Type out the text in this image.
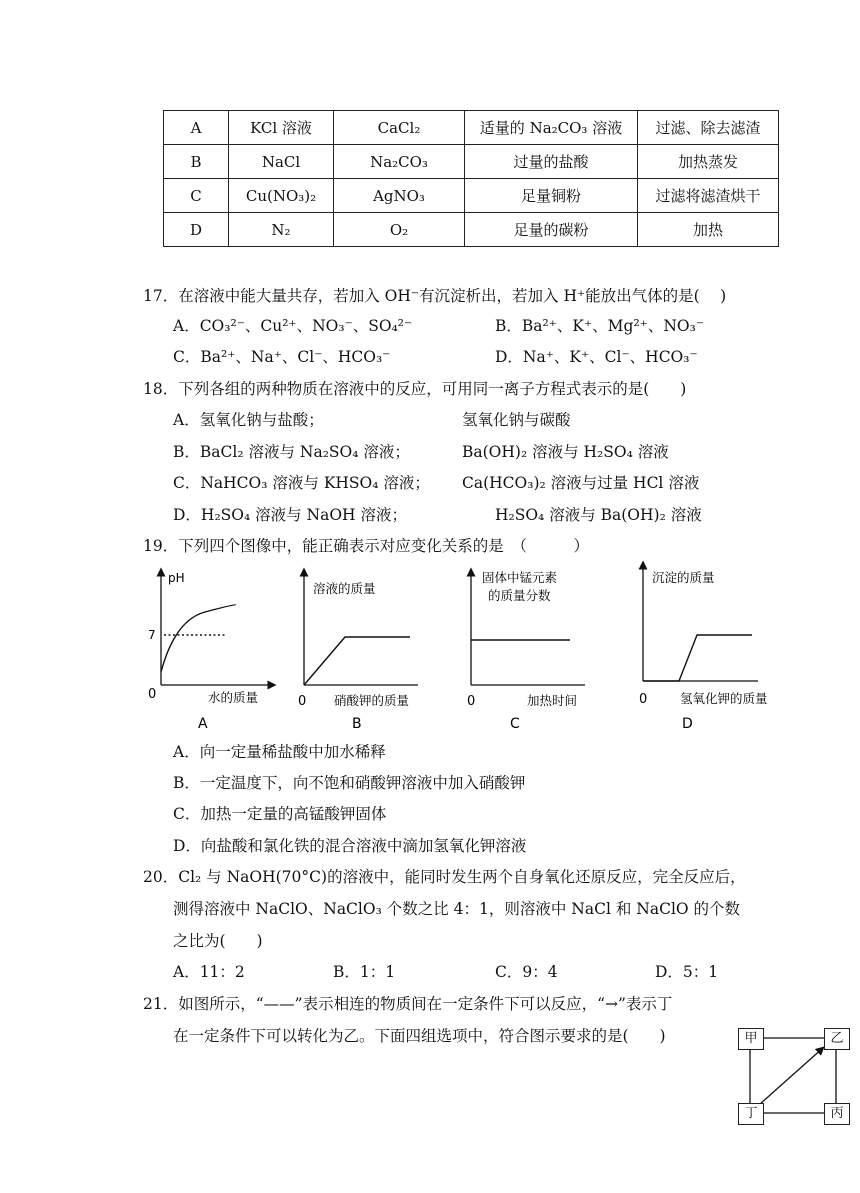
A	KCl 溶液	CaCl₂	适量的 Na₂CO₃ 溶液	过滤、除去滤渣
B	NaCl	Na₂CO₃	过量的盐酸	加热蒸发
C	Cu(NO₃)₂	AgNO₃	足量铜粉	过滤将滤渣烘干
D	N₂	O₂	足量的碳粉	加热
17．在溶液中能大量共存，若加入 OH⁻有沉淀析出，若加入 H⁺能放出气体的是(　 )
A．CO₃²⁻、Cu²⁺、NO₃⁻、SO₄²⁻	B．Ba²⁺、K⁺、Mg²⁺、NO₃⁻
C．Ba²⁺、Na⁺、Cl⁻、HCO₃⁻	D．Na⁺、K⁺、Cl⁻、HCO₃⁻
18．下列各组的两种物质在溶液中的反应，可用同一离子方程式表示的是(　　)
A．氢氧化钠与盐酸；	氢氧化钠与碳酸
B．BaCl₂ 溶液与 Na₂SO₄ 溶液；	Ba(OH)₂ 溶液与 H₂SO₄ 溶液
C．NaHCO₃ 溶液与 KHSO₄ 溶液； Ca(HCO₃)₂ 溶液与过量 HCl 溶液
D．H₂SO₄ 溶液与 NaOH 溶液；	H₂SO₄ 溶液与 Ba(OH)₂ 溶液
19．下列四个图像中，能正确表示对应变化关系的是　（　　　）
pH
7
0	水的质量
A
溶液的质量
0 硝酸钾的质量
B
固体中锰元素
的质量分数
0	加热时间
C
沉淀的质量
0	氢氧化钾的质量
D
A．向一定量稀盐酸中加水稀释
B．一定温度下，向不饱和硝酸钾溶液中加入硝酸钾
C．加热一定量的高锰酸钾固体
D．向盐酸和氯化铁的混合溶液中滴加氢氧化钾溶液
20．Cl₂ 与 NaOH(70°C)的溶液中，能同时发生两个自身氧化还原反应，完全反应后，
测得溶液中 NaClO、NaClO₃ 个数之比 4：1，则溶液中 NaCl 和 NaClO 的个数
之比为(　　)
A．11：2	B．1：1	C．9：4	D．5：1
21．如图所示，“——”表示相连的物质间在一定条件下可以反应，“→”表示丁
在一定条件下可以转化为乙。下面四组选项中，符合图示要求的是(　　)	甲	乙
丁	丙
